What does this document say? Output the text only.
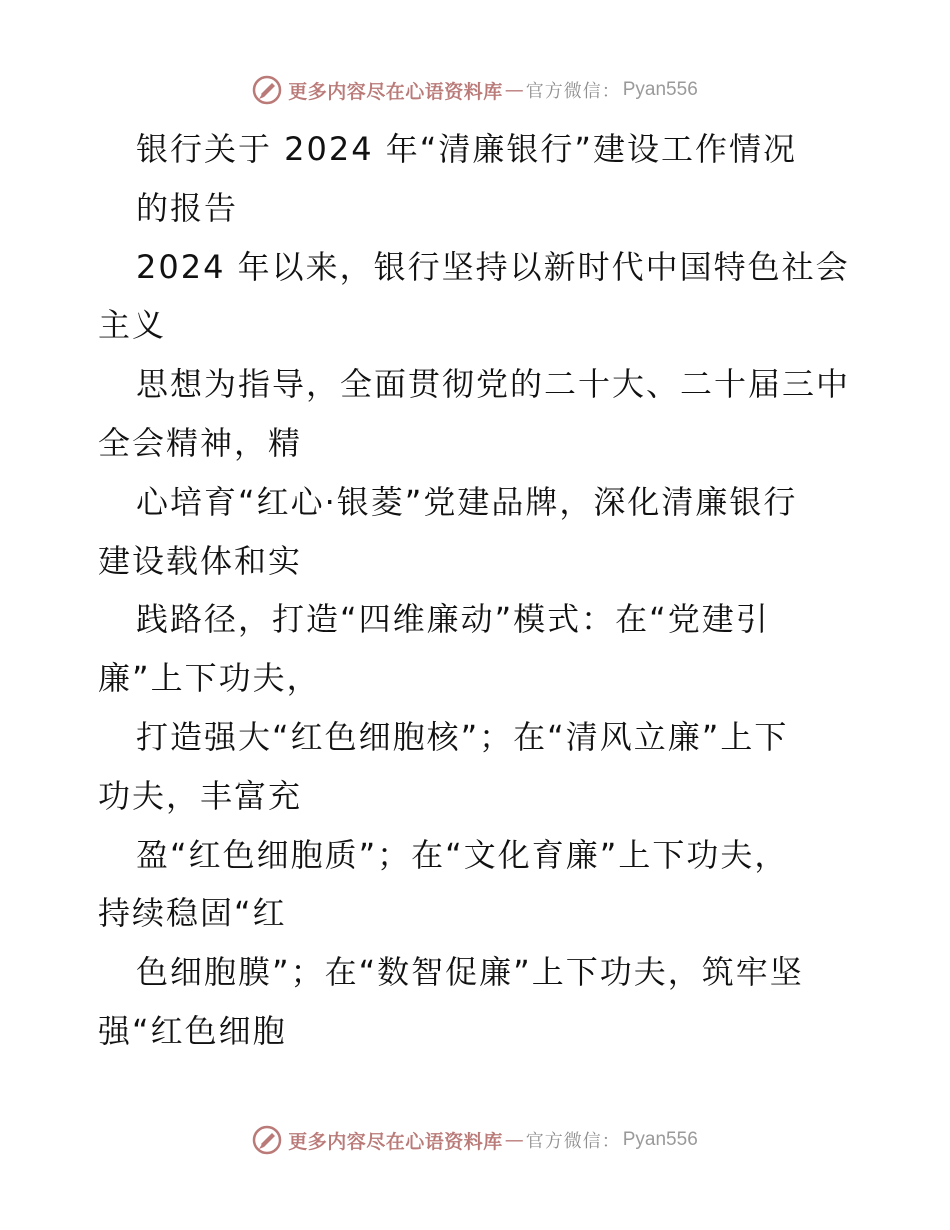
更多内容尽在心语资料库 — 官方微信： Pyan556
银行关于 2024 年“清廉银行”建设工作情况
的报告
2024 年以来，银行坚持以新时代中国特色社会
主义
思想为指导，全面贯彻党的二十大、二十届三中
全会精神，精
心培育“红心·银菱”党建品牌，深化清廉银行
建设载体和实
践路径，打造“四维廉动”模式：在“党建引
廉”上下功夫，
打造强大“红色细胞核”；在“清风立廉”上下
功夫，丰富充
盈“红色细胞质”；在“文化育廉”上下功夫，
持续稳固“红
色细胞膜”；在“数智促廉”上下功夫，筑牢坚
强“红色细胞
更多内容尽在心语资料库 — 官方微信： Pyan556
